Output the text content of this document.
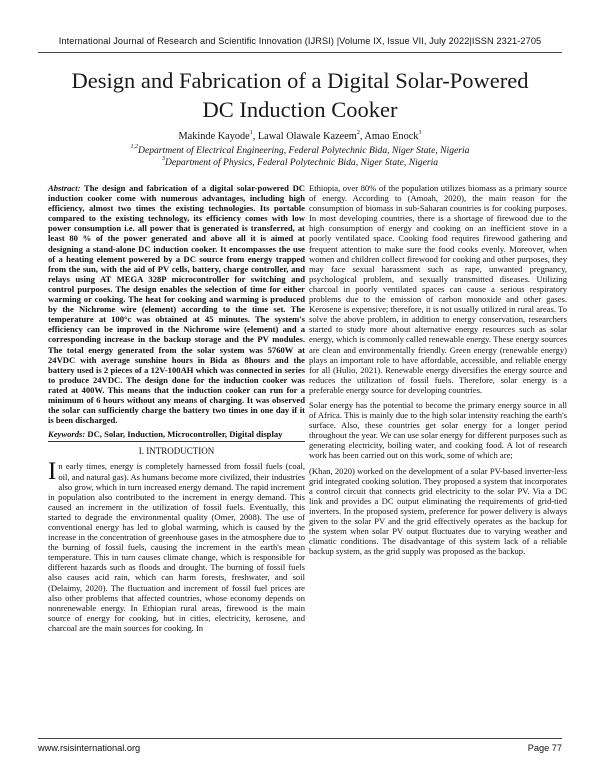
International Journal of Research and Scientific Innovation (IJRSI) |Volume IX, Issue VII, July 2022|ISSN 2321-2705
Design and Fabrication of a Digital Solar-Powered
DC Induction Cooker
Makinde Kayode$^1$, Lawal Olawale Kazeem$^2$, Amao Enock$^3$
$^{1,2}$Department of Electrical Engineering, Federal Polytechnic Bida, Niger State, Nigeria
$^3$Department of Physics, Federal Polytechnic Bida, Niger State, Nigeria

Abstract: The design and fabrication of a digital solar-powered DC induction cooker come with numerous advantages, including high efficiency, almost two times the existing technologies. Its portable compared to the existing technology, its efficiency comes with low power consumption i.e. all power that is generated is transferred, at least 80 % of the power generated and above all it is aimed at designing a stand-alone DC induction cooker. It encompasses the use of a heating element powered by a DC source from energy trapped from the sun, with the aid of PV cells, battery, charge controller, and relays using AT MEGA 328P microcontroller for switching and control purposes. The design enables the selection of time for either warming or cooking. The heat for cooking and warming is produced by the Nichrome wire (element) according to the time set. The temperature at 100°c was obtained at 45 minutes. The system's efficiency can be improved in the Nichrome wire (element) and a corresponding increase in the backup storage and the PV modules. The total energy generated from the solar system was 5760W at 24VDC with average sunshine hours in Bida as 8hours and the battery used is 2 pieces of a 12V-100AH which was connected in series to produce 24VDC. The design done for the induction cooker was rated at 400W. This means that the induction cooker can run for a minimum of 6 hours without any means of charging. It was observed the solar can sufficiently charge the battery two times in one day if it is been discharged.

Keywords: DC, Solar, Induction, Microcontroller, Digital display

I. INTRODUCTION

In early times, energy is completely harnessed from fossil fuels (coal, oil, and natural gas). As humans become more civilized, their industries also grow, which in turn increased energy demand. The rapid increment in population also contributed to the increment in energy demand. This caused an increment in the utilization of fossil fuels. Eventually, this started to degrade the environmental quality (Omer, 2008). The use of conventional energy has led to global warming, which is caused by the increase in the concentration of greenhouse gases in the atmosphere due to the burning of fossil fuels, causing the increment in the earth's mean temperature. This in turn causes climate change, which is responsible for different hazards such as floods and drought. The burning of fossil fuels also causes acid rain, which can harm forests, freshwater, and soil (Delaimy, 2020). The fluctuation and increment of fossil fuel prices are also other problems that affected countries, whose economy depends on nonrenewable energy. In Ethiopian rural areas, firewood is the main source of energy for cooking, but in cities, electricity, kerosene, and charcoal are the main sources for cooking. In

Ethiopia, over 80% of the population utilizes biomass as a primary source of energy. According to (Amoah, 2020), the main reason for the consumption of biomass in sub-Saharan countries is for cooking purposes. In most developing countries, there is a shortage of firewood due to the high consumption of energy and cooking on an inefficient stove in a poorly ventilated space. Cooking food requires firewood gathering and frequent attention to make sure the food cooks evenly. Moreover, when women and children collect firewood for cooking and other purposes, they may face sexual harassment such as rape, unwanted pregnancy, psychological problem, and sexually transmitted diseases. Utilizing charcoal in poorly ventilated spaces can cause a serious respiratory problems due to the emission of carbon monoxide and other gases. Kerosene is expensive; therefore, it is not usually utilized in rural areas. To solve the above problem, in addition to energy conservation, researchers started to study more about alternative energy resources such as solar energy, which is commonly called renewable energy. These energy sources are clean and environmentally friendly. Green energy (renewable energy) plays an important role to have affordable, accessible, and reliable energy for all (Hulio, 2021). Renewable energy diversifies the energy source and reduces the utilization of fossil fuels. Therefore, solar energy is a preferable energy source for developing countries.

Solar energy has the potential to become the primary energy source in all of Africa. This is mainly due to the high solar intensity reaching the earth's surface. Also, these countries get solar energy for a longer period throughout the year. We can use solar energy for different purposes such as generating electricity, boiling water, and cooking food. A lot of research work has been carried out on this work, some of which are;

(Khan, 2020) worked on the development of a solar PV-based inverter-less grid integrated cooking solution. They proposed a system that incorporates a control circuit that connects grid electricity to the solar PV. Via a DC link and provides a DC output eliminating the requirements of grid-tied inverters. In the proposed system, preference for power delivery is always given to the solar PV and the grid effectively operates as the backup for the system when solar PV output fluctuates due to varying weather and climatic conditions. The disadvantage of this system lack of a reliable backup system, as the grid supply was proposed as the backup.

www.rsisinternational.org	Page 77
